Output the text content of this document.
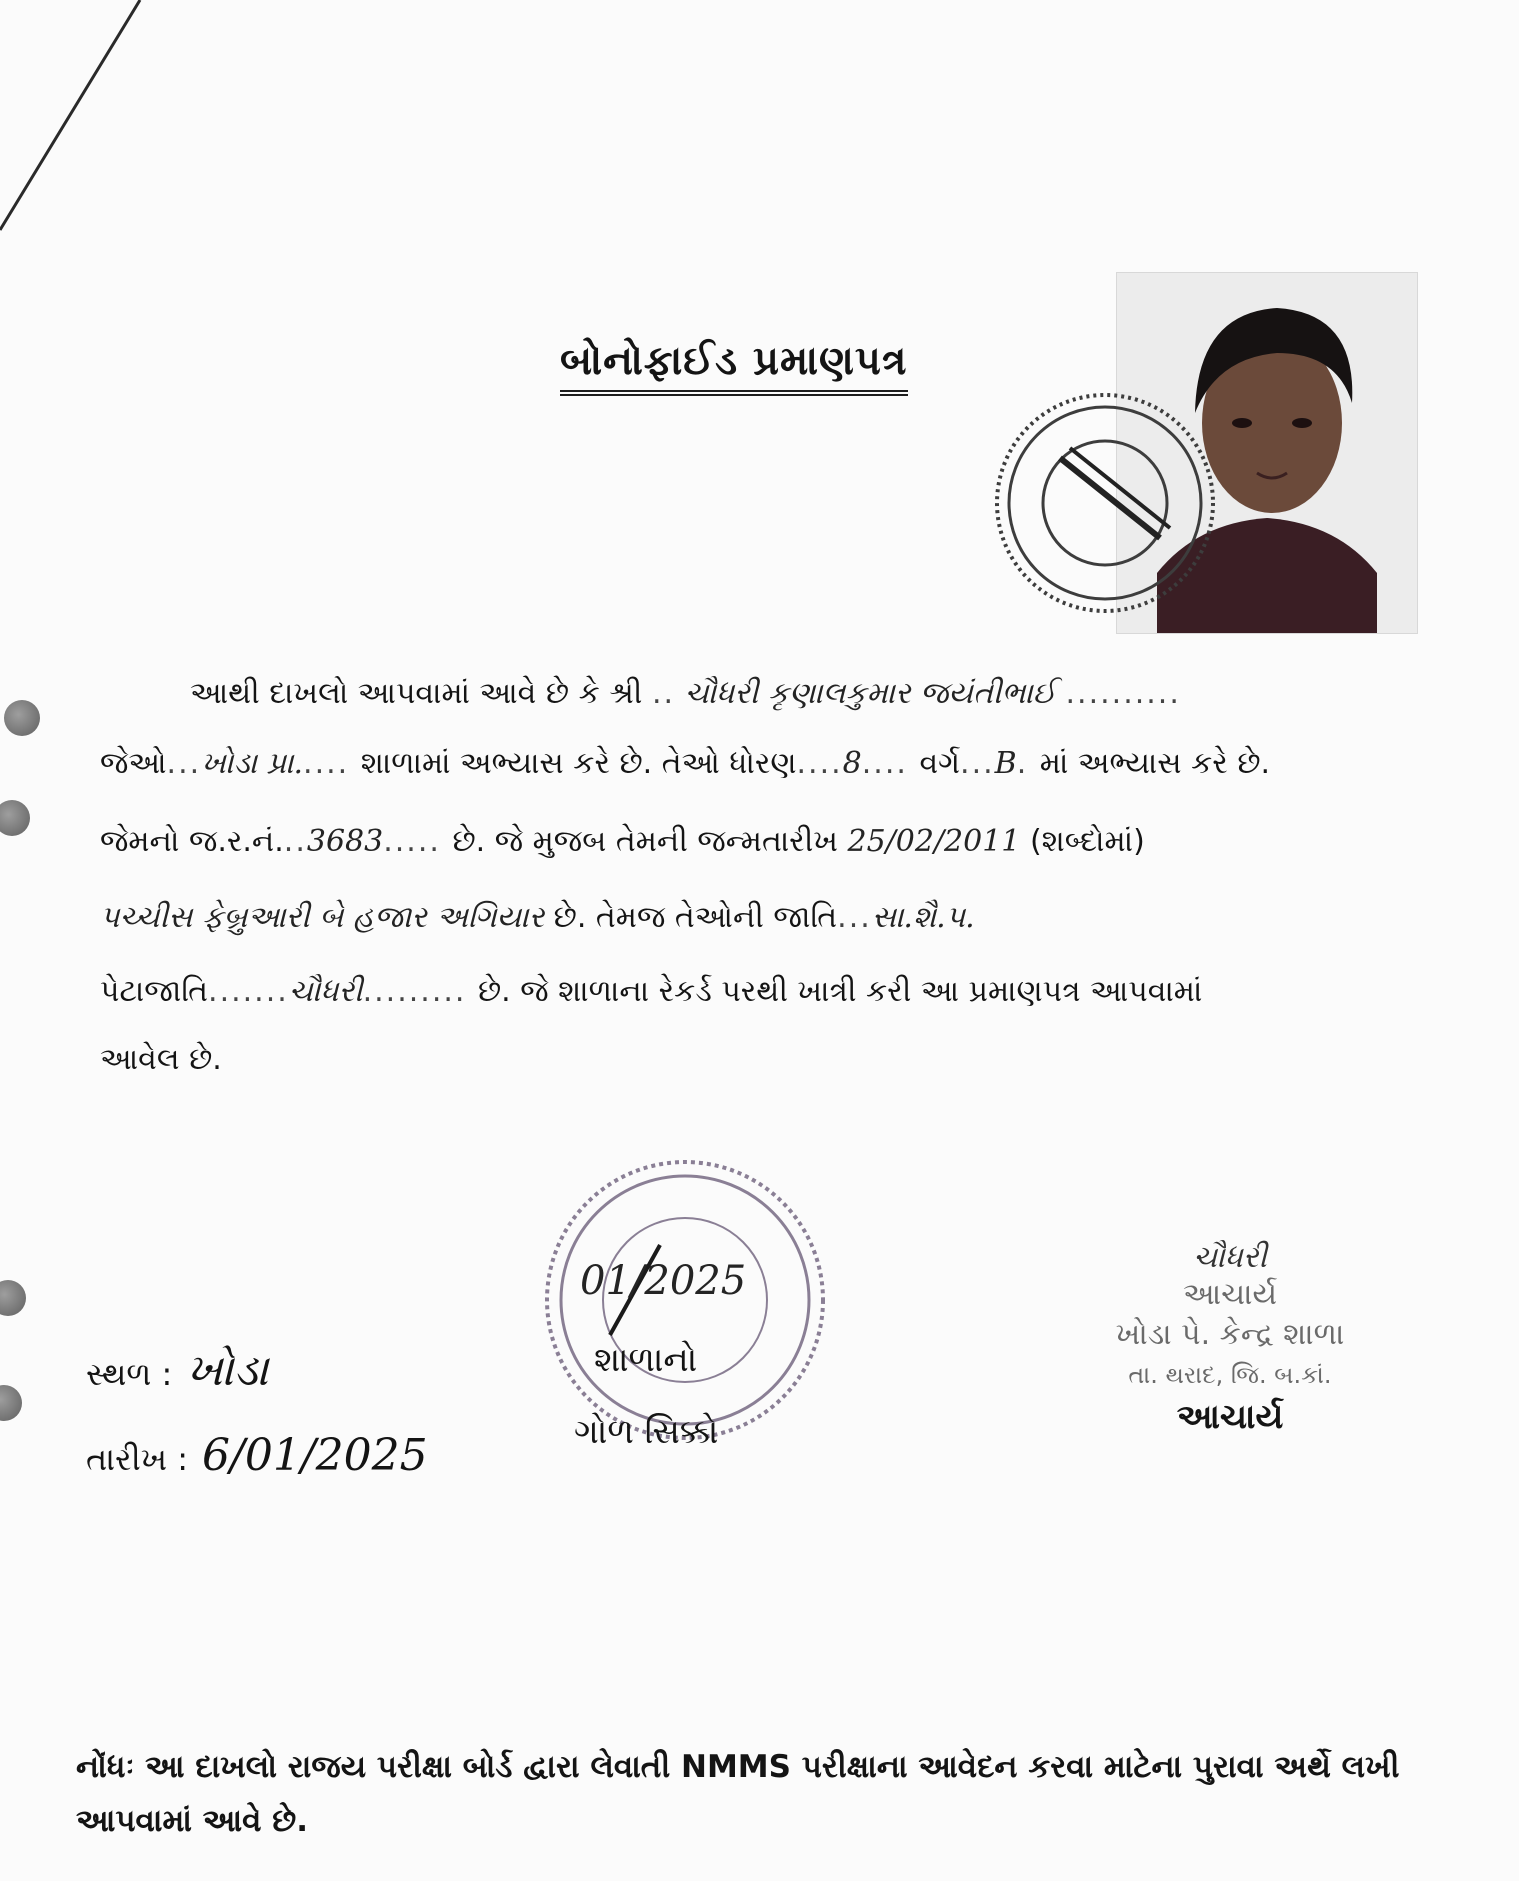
બોનોફાઈડ પ્રમાણપત્ર
આથી દાખલો આપવામાં આવે છે કે શ્રી .. ચૌધરી કૃણાલકુમાર જયંતીભાઈ ..........
જેઓ...ખોડા પ્રા..... શાળામાં અભ્યાસ કરે છે. તેઓ ધોરણ....8.... વર્ગ...B. માં અભ્યાસ કરે છે.
જેમનો જ.ર.નં...3683..... છે. જે મુજબ તેમની જન્મતારીખ 25/02/2011 (શબ્દોમાં)
પચ્ચીસ ફેબ્રુઆરી બે હજાર અગિયાર છે. તેમજ તેઓની જાતિ...સા.શૈ.પ.
પેટાજાતિ.......ચૌધરી......... છે. જે શાળાના રેકર્ડ પરથી ખાત્રી કરી આ પ્રમાણપત્ર આપવામાં
આવેલ છે.
01/2025
શાળાનો
ગોળ સિક્કો
સ્થળ : ખોડા
તારીખ : 6/01/2025
ચૌધરી
આચાર્ય
ખોડા પે. કેન્દ્ર શાળા
તા. થરાદ, જિ. બ.કાં.
આચાર્ય
નોંધઃ આ દાખલો રાજય પરીક્ષા બોર્ડ દ્વારા લેવાતી NMMS પરીક્ષાના આવેદન કરવા માટેના પુરાવા અર્થે લખી આપવામાં આવે છે.
